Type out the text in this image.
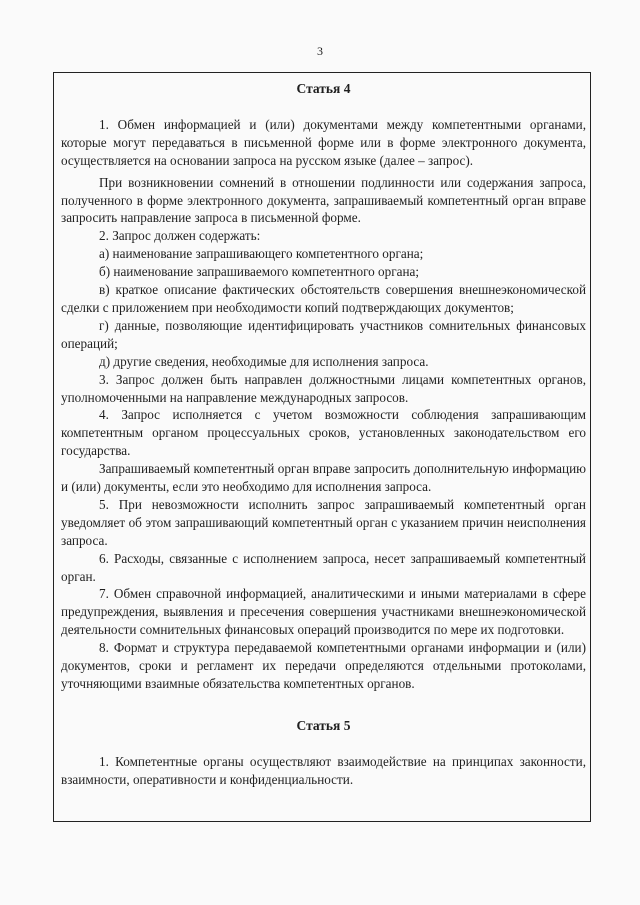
3
Статья 4

1. Обмен информацией и (или) документами между компетентными органами, которые могут передаваться в письменной форме или в форме электронного документа, осуществляется на основании запроса на русском языке (далее – запрос).

При возникновении сомнений в отношении подлинности или содержания запроса, полученного в форме электронного документа, запрашиваемый компетентный орган вправе запросить направление запроса в письменной форме.

2. Запрос должен содержать:

а) наименование запрашивающего компетентного органа;

б) наименование запрашиваемого компетентного органа;

в) краткое описание фактических обстоятельств совершения внешнеэкономической сделки с приложением при необходимости копий подтверждающих документов;

г) данные, позволяющие идентифицировать участников сомнительных финансовых операций;

д) другие сведения, необходимые для исполнения запроса.

3. Запрос должен быть направлен должностными лицами компетентных органов, уполномоченными на направление международных запросов.

4. Запрос исполняется с учетом возможности соблюдения запрашивающим компетентным органом процессуальных сроков, установленных законодательством его государства.

Запрашиваемый компетентный орган вправе запросить дополнительную информацию и (или) документы, если это необходимо для исполнения запроса.

5. При невозможности исполнить запрос запрашиваемый компетентный орган уведомляет об этом запрашивающий компетентный орган с указанием причин неисполнения запроса.

6. Расходы, связанные с исполнением запроса, несет запрашиваемый компетентный орган.

7. Обмен справочной информацией, аналитическими и иными материалами в сфере предупреждения, выявления и пресечения совершения участниками внешнеэкономической деятельности сомнительных финансовых операций производится по мере их подготовки.

8. Формат и структура передаваемой компетентными органами информации и (или) документов, сроки и регламент их передачи определяются отдельными протоколами, уточняющими взаимные обязательства компетентных органов.

Статья 5

1. Компетентные органы осуществляют взаимодействие на принципах законности, взаимности, оперативности и конфиденциальности.
